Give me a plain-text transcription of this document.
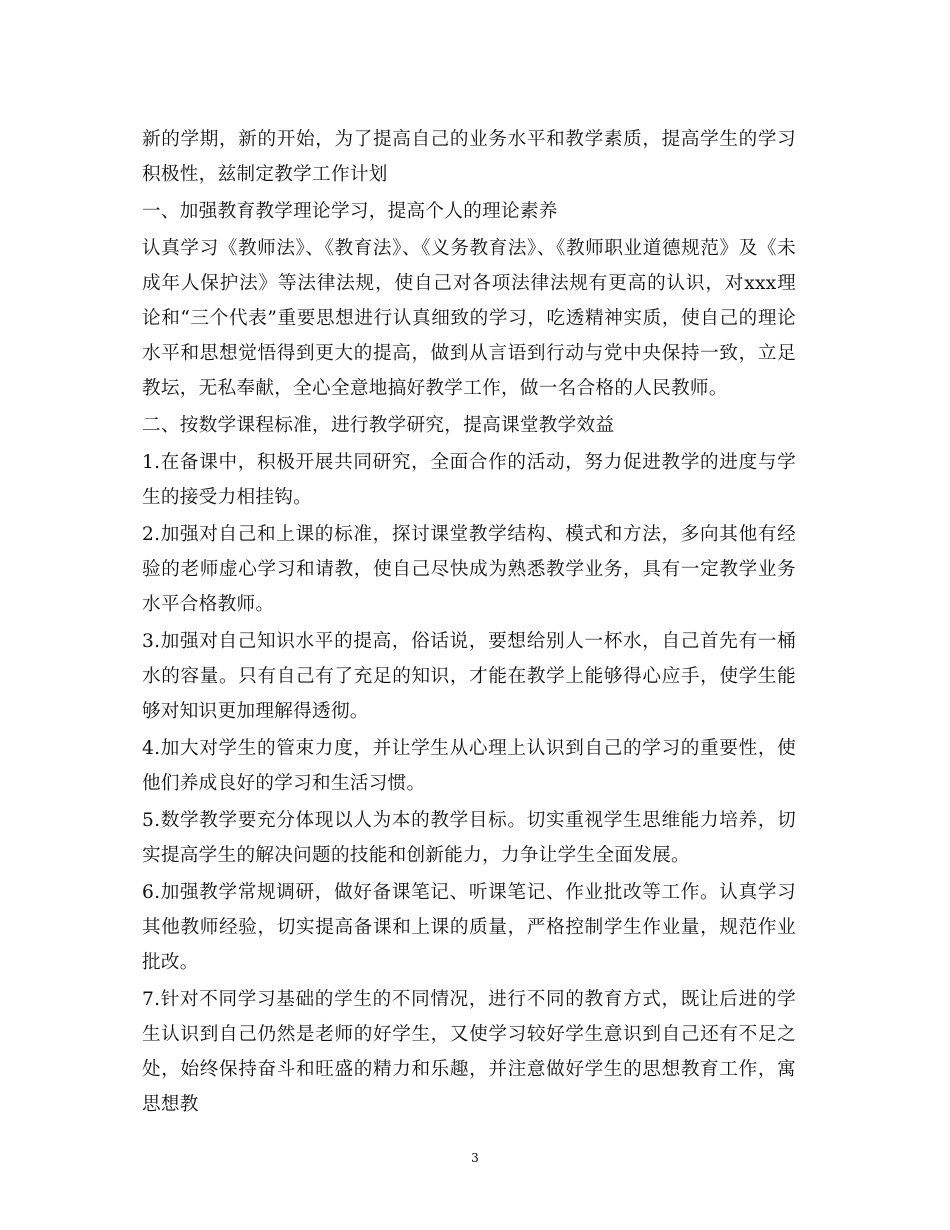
新的学期，新的开始，为了提高自己的业务水平和教学素质，提高学生的学习积极性，兹制定教学工作计划

一、加强教育教学理论学习，提高个人的理论素养

认真学习《教师法》、《教育法》、《义务教育法》、《教师职业道德规范》及《未成年人保护法》等法律法规，使自己对各项法律法规有更高的认识，对xxx理论和“三个代表”重要思想进行认真细致的学习，吃透精神实质，使自己的理论水平和思想觉悟得到更大的提高，做到从言语到行动与党中央保持一致，立足教坛，无私奉献，全心全意地搞好教学工作，做一名合格的人民教师。

二、按数学课程标准，进行教学研究，提高课堂教学效益

1.在备课中，积极开展共同研究，全面合作的活动，努力促进教学的进度与学生的接受力相挂钩。

2.加强对自己和上课的标准，探讨课堂教学结构、模式和方法，多向其他有经验的老师虚心学习和请教，使自己尽快成为熟悉教学业务，具有一定教学业务水平合格教师。

3.加强对自己知识水平的提高，俗话说，要想给别人一杯水，自己首先有一桶水的容量。只有自己有了充足的知识，才能在教学上能够得心应手，使学生能够对知识更加理解得透彻。

4.加大对学生的管束力度，并让学生从心理上认识到自己的学习的重要性，使他们养成良好的学习和生活习惯。

5.数学教学要充分体现以人为本的教学目标。切实重视学生思维能力培养，切实提高学生的解决问题的技能和创新能力，力争让学生全面发展。

6.加强教学常规调研，做好备课笔记、听课笔记、作业批改等工作。认真学习其他教师经验，切实提高备课和上课的质量，严格控制学生作业量，规范作业批改。

7.针对不同学习基础的学生的不同情况，进行不同的教育方式，既让后进的学生认识到自己仍然是老师的好学生，又使学习较好学生意识到自己还有不足之处，始终保持奋斗和旺盛的精力和乐趣，并注意做好学生的思想教育工作，寓思想教

3
